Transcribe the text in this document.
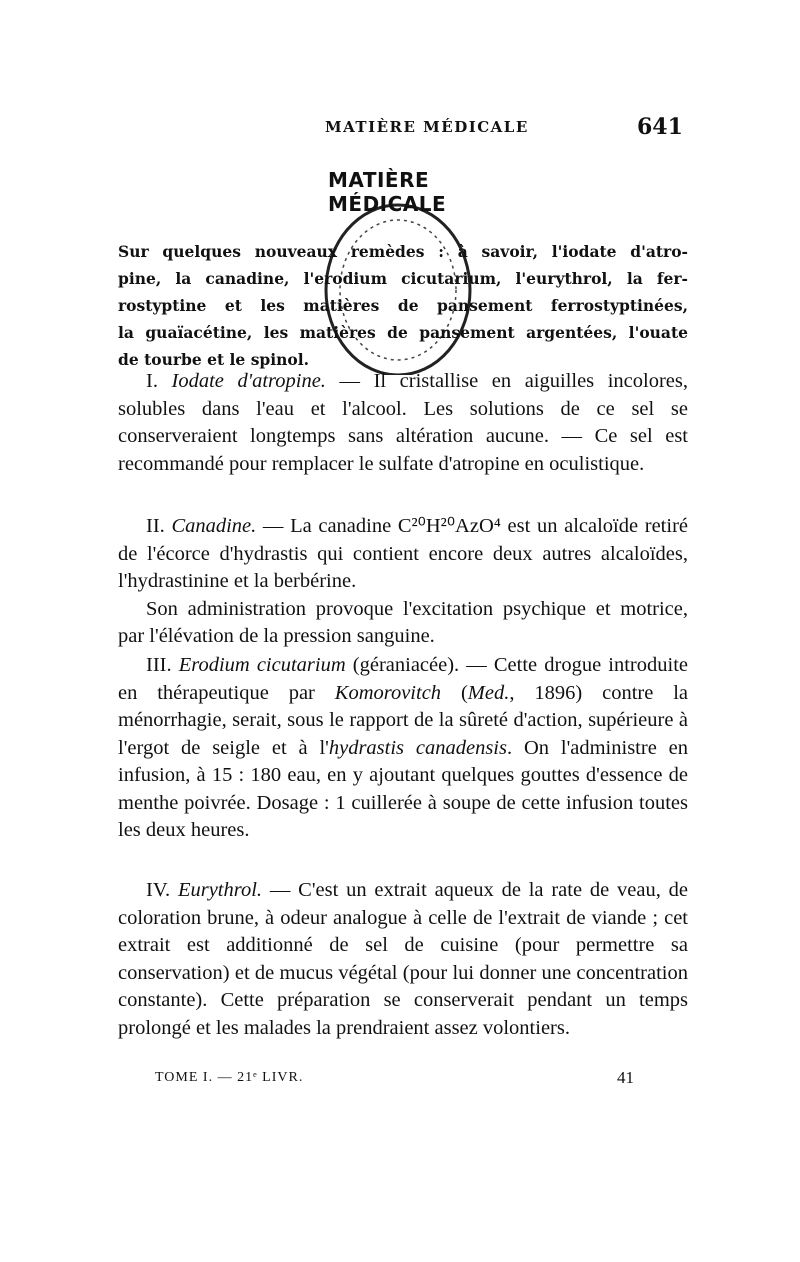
MATIÈRE MÉDICALE	641
MATIÈRE MÉDICALE

Sur quelques nouveaux remèdes : à savoir, l'iodate d'atro-

pine, la canadine, l'erodium cicutarium, l'eurythrol, la fer-

rostyptine et les matières de pansement ferrostyptinées,

la guaïacétine, les matières de pansement argentées, l'ouate

de tourbe et le spinol.

I. Iodate d'atropine. — Il cristallise en aiguilles incolores, solubles dans l'eau et l'alcool. Les solutions de ce sel se conserveraient longtemps sans altération aucune. — Ce sel est recommandé pour remplacer le sulfate d'atropine en oculistique.

II. Canadine. — La canadine C²⁰H²⁰AzO⁴ est un alcaloïde retiré de l'écorce d'hydrastis qui contient encore deux autres alcaloïdes, l'hydrastinine et la berbérine.

Son administration provoque l'excitation psychique et motrice, par l'élévation de la pression sanguine.

III. Erodium cicutarium (géraniacée). — Cette drogue introduite en thérapeutique par Komorovitch (Med., 1896) contre la ménorrhagie, serait, sous le rapport de la sûreté d'action, supérieure à l'ergot de seigle et à l'hydrastis canadensis. On l'administre en infusion, à 15 : 180 eau, en y ajoutant quelques gouttes d'essence de menthe poivrée. Dosage : 1 cuillerée à soupe de cette infusion toutes les deux heures.

IV. Eurythrol. — C'est un extrait aqueux de la rate de veau, de coloration brune, à odeur analogue à celle de l'extrait de viande ; cet extrait est additionné de sel de cuisine (pour permettre sa conservation) et de mucus végétal (pour lui donner une concentration constante). Cette préparation se conserverait pendant un temps prolongé et les malades la prendraient assez volontiers.

TOME I. — 21ᵉ LIVR.	41
